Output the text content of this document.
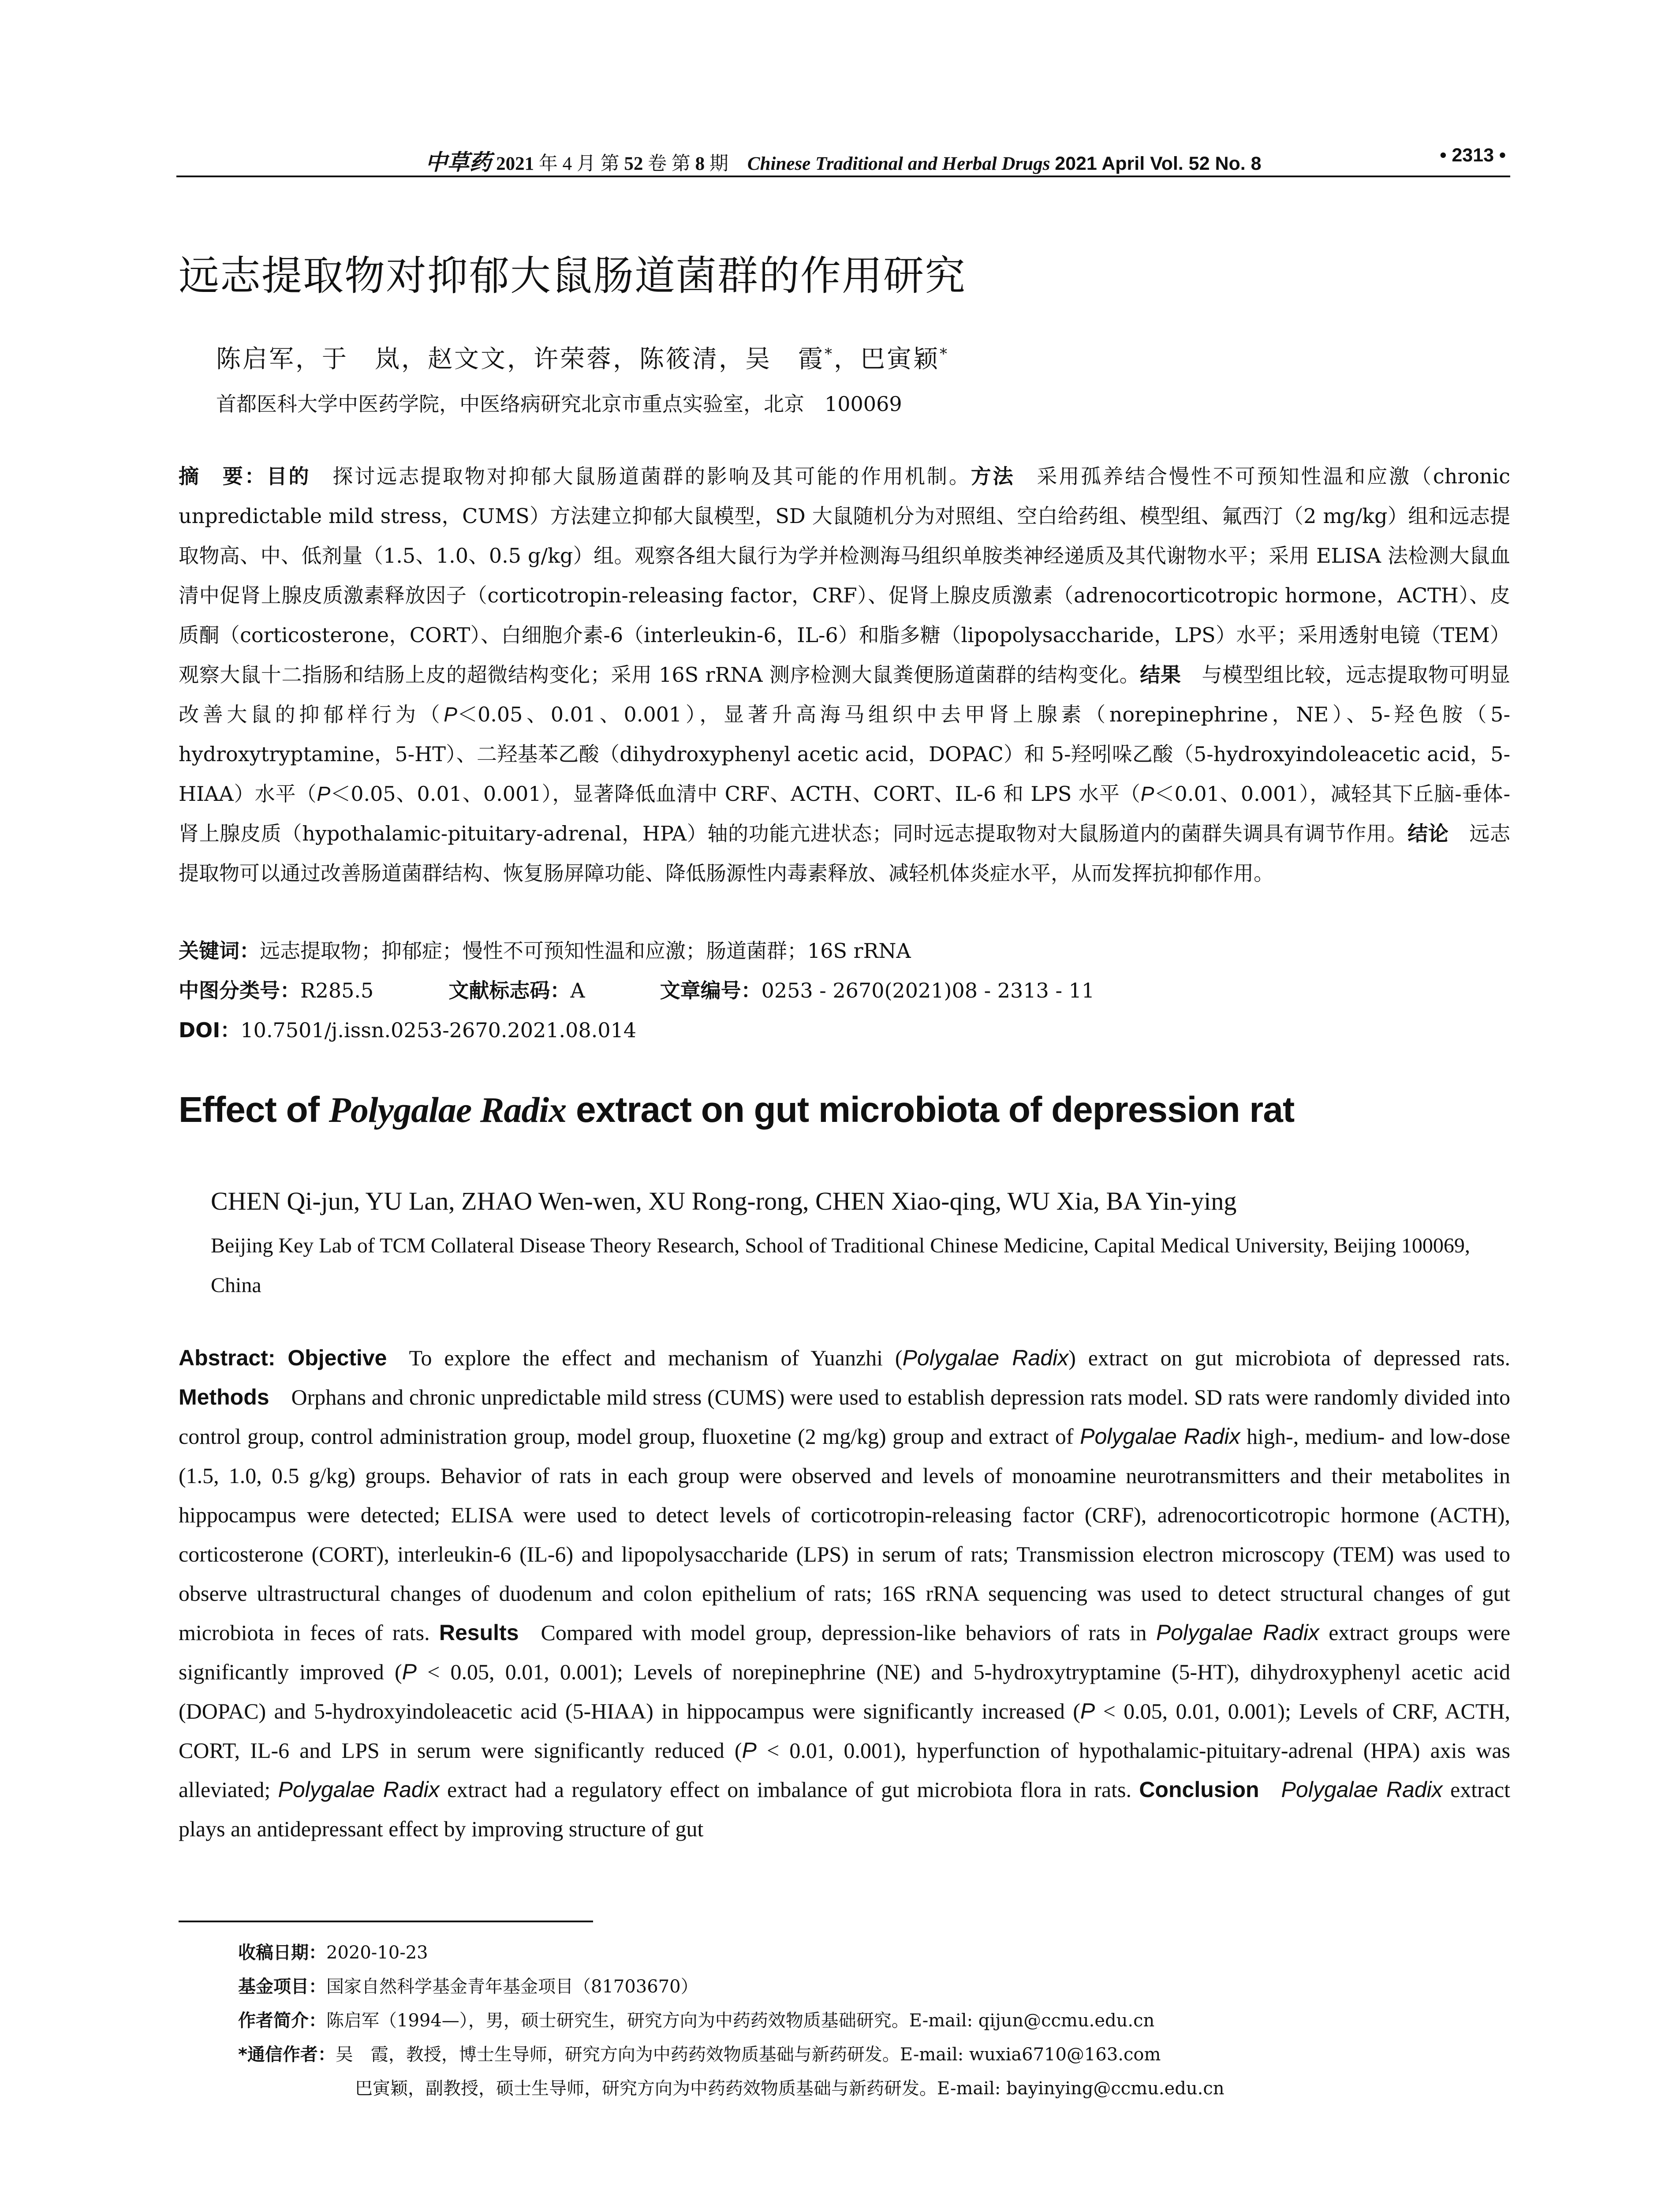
中草药 2021 年 4 月 第 52 卷 第 8 期 Chinese Traditional and Herbal Drugs 2021 April Vol. 52 No. 8	• 2313 •
远志提取物对抑郁大鼠肠道菌群的作用研究
陈启军，于　岚，赵文文，许荣蓉，陈筱清，吴　霞*，巴寅颖*
首都医科大学中医药学院，中医络病研究北京市重点实验室，北京　100069
摘　要：目的  探讨远志提取物对抑郁大鼠肠道菌群的影响及其可能的作用机制。方法  采用孤养结合慢性不可预知性温和应激（chronic unpredictable mild stress，CUMS）方法建立抑郁大鼠模型，SD 大鼠随机分为对照组、空白给药组、模型组、氟西汀（2 mg/kg）组和远志提取物高、中、低剂量（1.5、1.0、0.5 g/kg）组。观察各组大鼠行为学并检测海马组织单胺类神经递质及其代谢物水平；采用 ELISA 法检测大鼠血清中促肾上腺皮质激素释放因子（corticotropin-releasing factor，CRF）、促肾上腺皮质激素（adrenocorticotropic hormone，ACTH）、皮质酮（corticosterone，CORT）、白细胞介素-6（interleukin-6，IL-6）和脂多糖（lipopolysaccharide，LPS）水平；采用透射电镜（TEM）观察大鼠十二指肠和结肠上皮的超微结构变化；采用 16S rRNA 测序检测大鼠粪便肠道菌群的结构变化。结果  与模型组比较，远志提取物可明显改善大鼠的抑郁样行为（P＜0.05、0.01、0.001），显著升高海马组织中去甲肾上腺素（norepinephrine，NE）、5-羟色胺（5-hydroxytryptamine，5-HT）、二羟基苯乙酸（dihydroxyphenyl acetic acid，DOPAC）和 5-羟吲哚乙酸（5-hydroxyindoleacetic acid，5-HIAA）水平（P＜0.05、0.01、0.001），显著降低血清中 CRF、ACTH、CORT、IL-6 和 LPS 水平（P＜0.01、0.001），减轻其下丘脑-垂体-肾上腺皮质（hypothalamic-pituitary-adrenal，HPA）轴的功能亢进状态；同时远志提取物对大鼠肠道内的菌群失调具有调节作用。结论  远志提取物可以通过改善肠道菌群结构、恢复肠屏障功能、降低肠源性内毒素释放、减轻机体炎症水平，从而发挥抗抑郁作用。
关键词：远志提取物；抑郁症；慢性不可预知性温和应激；肠道菌群；16S rRNA
中图分类号：R285.5	文献标志码：A	文章编号：0253 - 2670(2021)08 - 2313 - 11
DOI：10.7501/j.issn.0253-2670.2021.08.014
Effect of Polygalae Radix extract on gut microbiota of depression rat
CHEN Qi-jun, YU Lan, ZHAO Wen-wen, XU Rong-rong, CHEN Xiao-qing, WU Xia, BA Yin-ying
Beijing Key Lab of TCM Collateral Disease Theory Research, School of Traditional Chinese Medicine, Capital Medical University, Beijing 100069, China
Abstract: Objective  To explore the effect and mechanism of Yuanzhi (Polygalae Radix) extract on gut microbiota of depressed rats. Methods  Orphans and chronic unpredictable mild stress (CUMS) were used to establish depression rats model. SD rats were randomly divided into control group, control administration group, model group, fluoxetine (2 mg/kg) group and extract of Polygalae Radix high-, medium- and low-dose (1.5, 1.0, 0.5 g/kg) groups. Behavior of rats in each group were observed and levels of monoamine neurotransmitters and their metabolites in hippocampus were detected; ELISA were used to detect levels of corticotropin-releasing factor (CRF), adrenocorticotropic hormone (ACTH), corticosterone (CORT), interleukin-6 (IL-6) and lipopolysaccharide (LPS) in serum of rats; Transmission electron microscopy (TEM) was used to observe ultrastructural changes of duodenum and colon epithelium of rats; 16S rRNA sequencing was used to detect structural changes of gut microbiota in feces of rats. Results  Compared with model group, depression-like behaviors of rats in Polygalae Radix extract groups were significantly improved (P < 0.05, 0.01, 0.001); Levels of norepinephrine (NE) and 5-hydroxytryptamine (5-HT), dihydroxyphenyl acetic acid (DOPAC) and 5-hydroxyindoleacetic acid (5-HIAA) in hippocampus were significantly increased (P < 0.05, 0.01, 0.001); Levels of CRF, ACTH, CORT, IL-6 and LPS in serum were significantly reduced (P < 0.01, 0.001), hyperfunction of hypothalamic-pituitary-adrenal (HPA) axis was alleviated; Polygalae Radix extract had a regulatory effect on imbalance of gut microbiota flora in rats. Conclusion  Polygalae Radix extract plays an antidepressant effect by improving structure of gut
收稿日期：2020-10-23
基金项目：国家自然科学基金青年基金项目（81703670）
作者简介：陈启军（1994—），男，硕士研究生，研究方向为中药药效物质基础研究。E-mail: qijun@ccmu.edu.cn
*通信作者：吴　霞，教授，博士生导师，研究方向为中药药效物质基础与新药研发。E-mail: wuxia6710@163.com
巴寅颖，副教授，硕士生导师，研究方向为中药药效物质基础与新药研发。E-mail: bayinying@ccmu.edu.cn
